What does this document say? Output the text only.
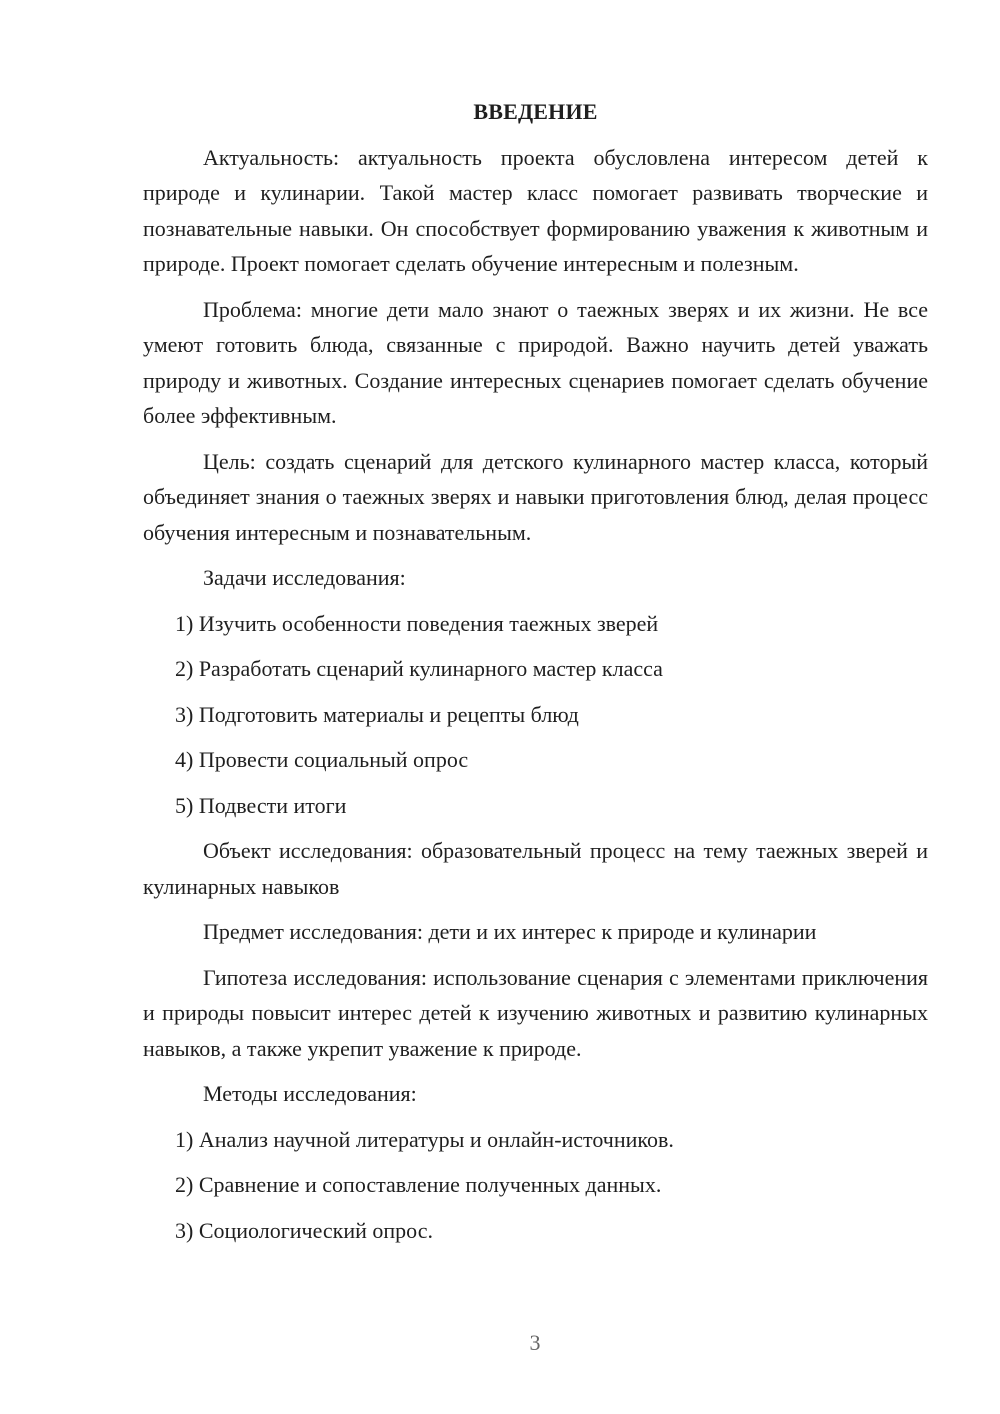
ВВЕДЕНИЕ

Актуальность: актуальность проекта обусловлена интересом детей к природе и кулинарии. Такой мастер класс помогает развивать творческие и познавательные навыки. Он способствует формированию уважения к животным и природе. Проект помогает сделать обучение интересным и полезным.

Проблема: многие дети мало знают о таежных зверях и их жизни. Не все умеют готовить блюда, связанные с природой. Важно научить детей уважать природу и животных. Создание интересных сценариев помогает сделать обучение более эффективным.

Цель: создать сценарий для детского кулинарного мастер класса, который объединяет знания о таежных зверях и навыки приготовления блюд, делая процесс обучения интересным и познавательным.

Задачи исследования:

1) Изучить особенности поведения таежных зверей
2) Разработать сценарий кулинарного мастер класса
3) Подготовить материалы и рецепты блюд
4) Провести социальный опрос
5) Подвести итоги

Объект исследования: образовательный процесс на тему таежных зверей и кулинарных навыков

Предмет исследования: дети и их интерес к природе и кулинарии

Гипотеза исследования: использование сценария с элементами приключения и природы повысит интерес детей к изучению животных и развитию кулинарных навыков, а также укрепит уважение к природе.

Методы исследования:

1) Анализ научной литературы и онлайн-источников.
2) Сравнение и сопоставление полученных данных.
3) Социологический опрос.
3
